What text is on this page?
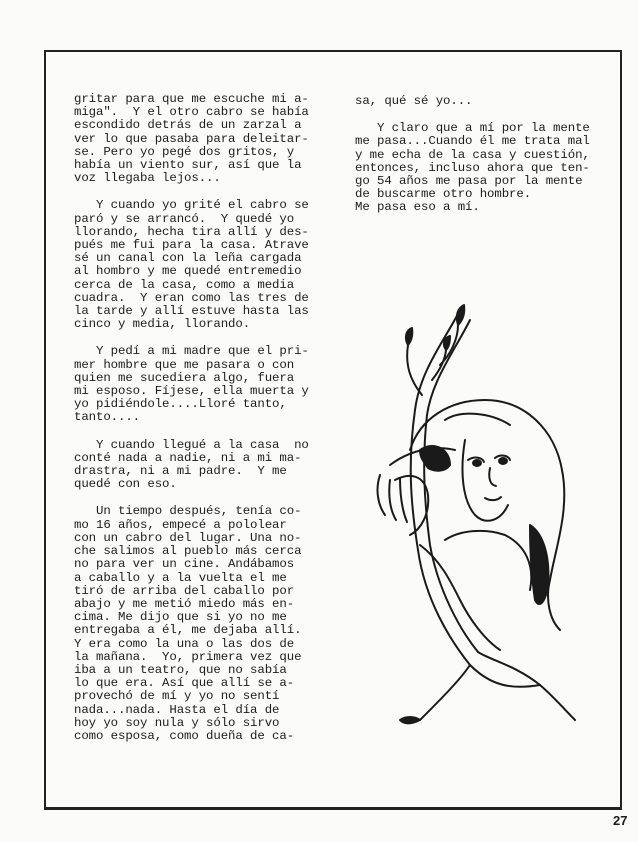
gritar para que me escuche mi a-
miga".  Y el otro cabro se había
escondido detrás de un zarzal a
ver lo que pasaba para deleitar-
se. Pero yo pegé dos gritos, y
había un viento sur, así que la
voz llegaba lejos...

Y cuando yo grité el cabro se
paró y se arrancó.  Y quedé yo
llorando, hecha tira allí y des-
pués me fui para la casa. Atrave
sé un canal con la leña cargada
al hombro y me quedé entremedio
cerca de la casa, como a media
cuadra.  Y eran como las tres de
la tarde y allí estuve hasta las
cinco y media, llorando.

Y pedí a mi madre que el pri-
mer hombre que me pasara o con
quien me sucediera algo, fuera
mi esposo. Fíjese, ella muerta y
yo pidiéndole....Lloré tanto,
tanto....

Y cuando llegué a la casa  no
conté nada a nadie, ni a mi ma-
drastra, ni a mi padre.  Y me
quedé con eso.

Un tiempo después, tenía co-
mo 16 años, empecé a pololear
con un cabro del lugar. Una no-
che salimos al pueblo más cerca
no para ver un cine. Andábamos
a caballo y a la vuelta el me
tiró de arriba del caballo por
abajo y me metió miedo más en-
cima. Me dijo que si yo no me
entregaba a él, me dejaba allí.
Y era como la una o las dos de
la mañana.  Yo, primera vez que
iba a un teatro, que no sabía
lo que era. Así que allí se a-
provechó de mí y yo no sentí
nada...nada. Hasta el día de
hoy yo soy nula y sólo sirvo
como esposa, como dueña de ca-

sa, qué sé yo...

Y claro que a mí por la mente
me pasa...Cuando él me trata mal
y me echa de la casa y cuestión,
entonces, incluso ahora que ten-
go 54 años me pasa por la mente
de buscarme otro hombre.
Me pasa eso a mí.

27
